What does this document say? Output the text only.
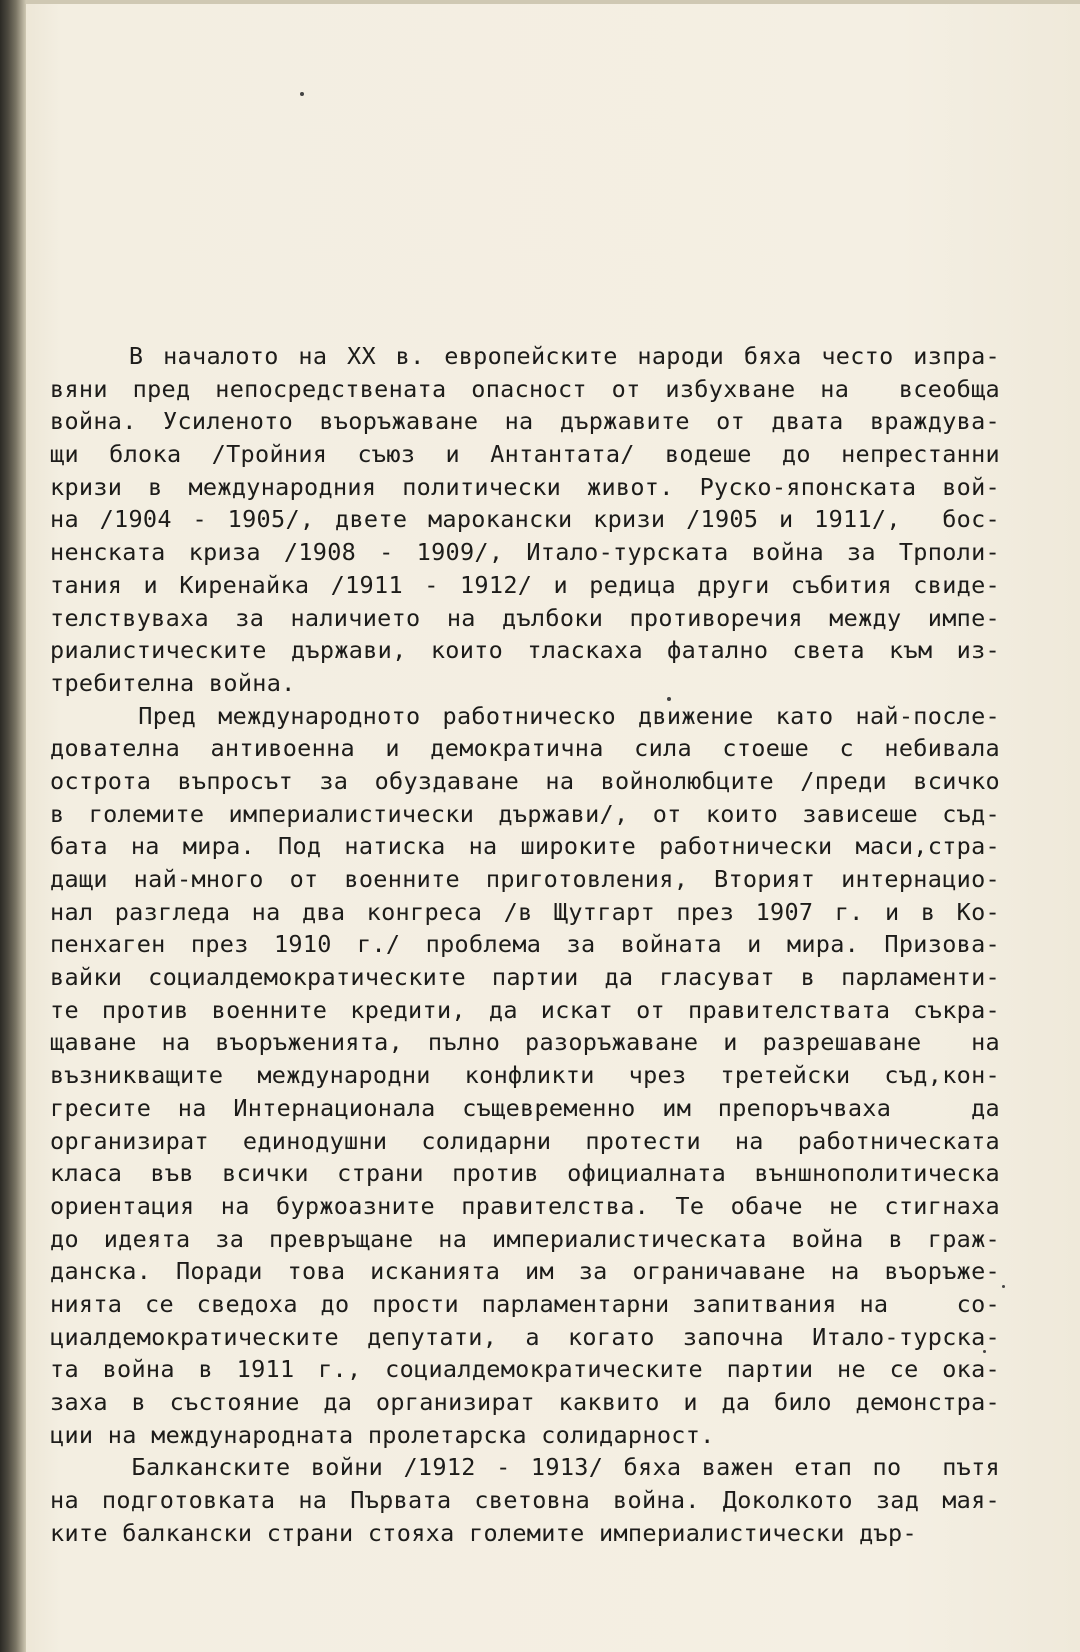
В началото на XX в. европейските народи бяха често изпра-
вяни пред непосредствената опасност от избухване на  всеобща
война. Усиленото въоръжаване на държавите от двата враждува-
щи блока /Тройния съюз и Антантата/ водеше до непрестанни
кризи в международния политически живот. Руско-японската вой-
на /1904 - 1905/, двете марокански кризи /1905 и 1911/,  бос-
ненската криза /1908 - 1909/, Итало-турската война за Трполи-
тания и Киренайка /1911 - 1912/ и редица други събития свиде-
телствуваха за наличието на дълбоки противоречия между импе-
риалистическите държави, които тласкаха фатално света към из-
требителна война.
Пред международното работническо движение като най-после-
дователна антивоенна и демократична сила стоеше с небивала
острота въпросът за обуздаване на войнолюбците /преди всичко
в големите империалистически държави/, от които зависеше съд-
бата на мира. Под натиска на широките работнически маси,стра-
дащи най-много от военните приготовления, Вторият интернацио-
нал разгледа на два конгреса /в Щутгарт през 1907 г. и в Ко-
пенхаген през 1910 г./ проблема за войната и мира. Призова-
вайки социалдемократическите партии да гласуват в парламенти-
те против военните кредити, да искат от правителствата съкра-
щаване на въоръженията, пълно разоръжаване и разрешаване  на
възникващите международни конфликти чрез третейски съд,кон-
гресите на Интернационала същевременно им препоръчваха   да
организират единодушни солидарни протести на работническата
класа във всички страни против официалната външнополитическа
ориентация на буржоазните правителства. Те обаче не стигнаха
до идеята за превръщане на империалистическата война в граж-
данска. Поради това исканията им за ограничаване на въоръже-
нията се сведоха до прости парламентарни запитвания на   со-
циалдемократическите депутати, а когато започна Итало-турска-
та война в 1911 г., социалдемократическите партии не се ока-
заха в състояние да организират каквито и да било демонстра-
ции на международната пролетарска солидарност.
Балканските войни /1912 - 1913/ бяха важен етап по  пътя
на подготовката на Първата световна война. Доколкото зад мая-
ките балкански страни стояха големите империалистически дър-
